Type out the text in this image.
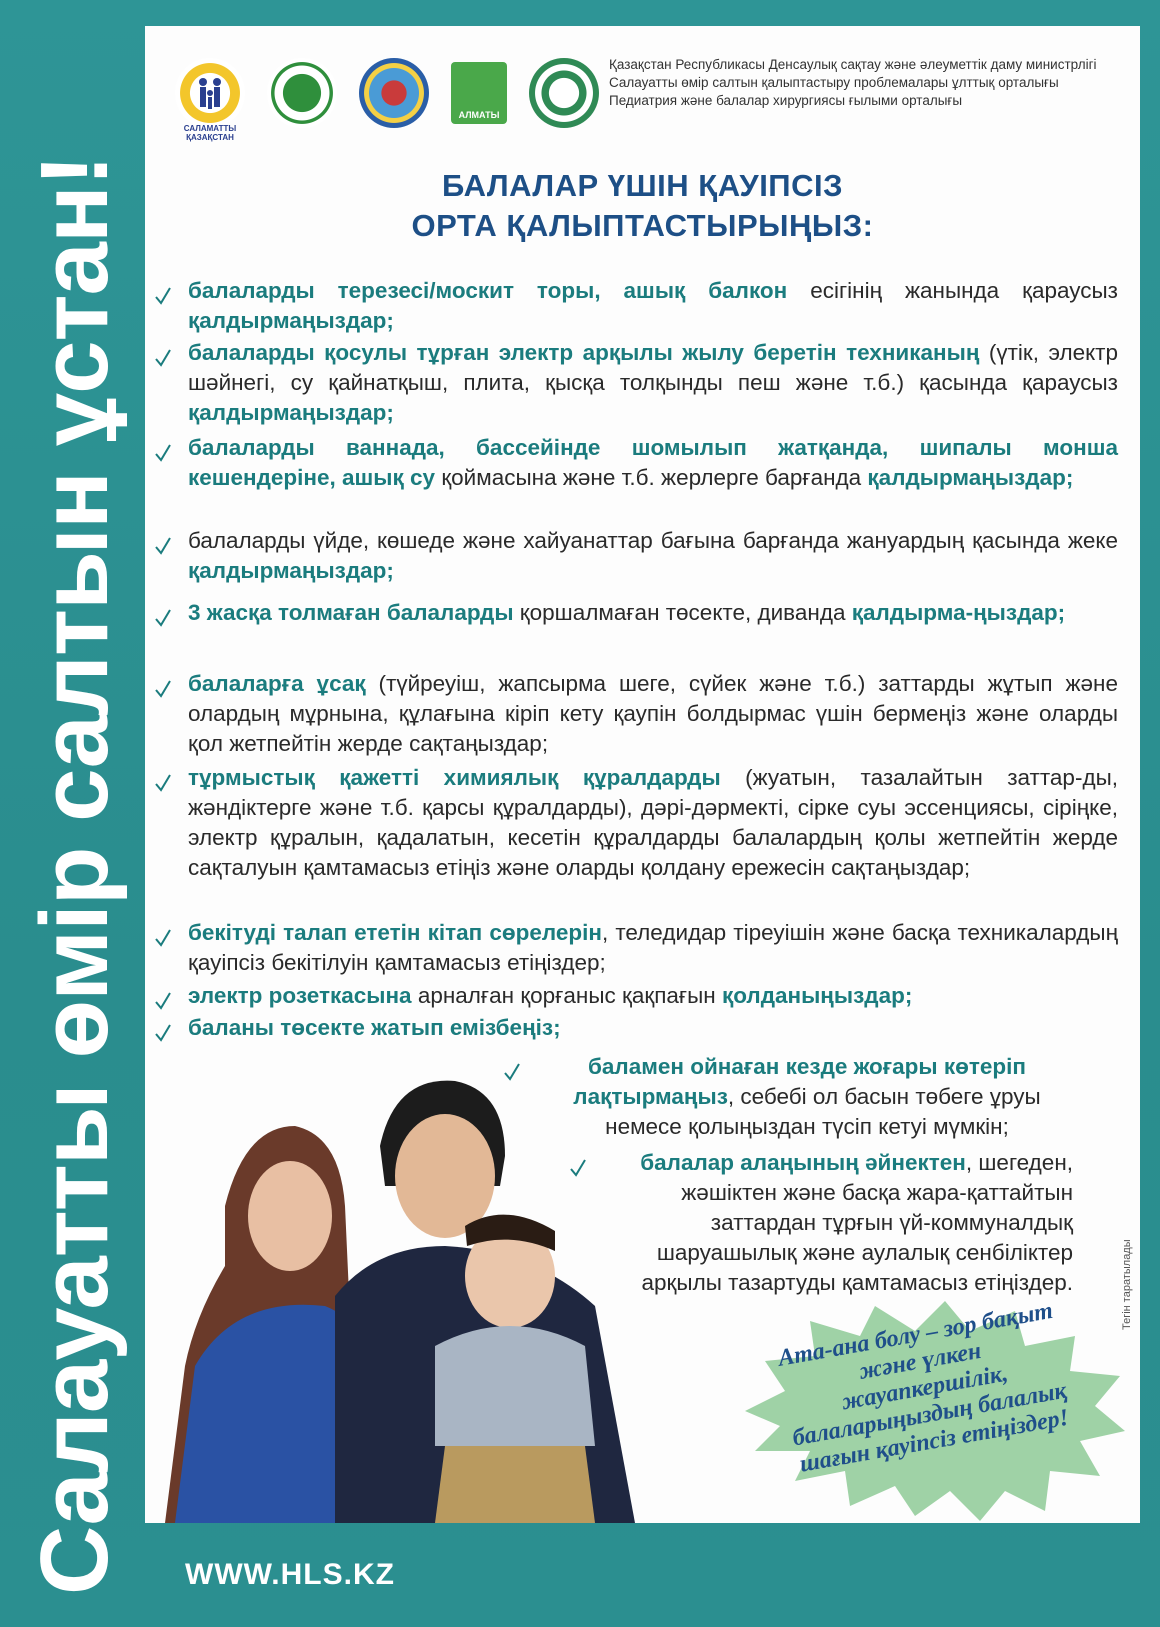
Салауатты өмір салтын ұстан!
САЛАМАТТЫ ҚАЗАҚСТАН
АЛМАТЫ
Қазақстан Республикасы Денсаулық сақтау және әлеуметтік даму министрлігі
Салауатты өмір салтын қалыптастыру проблемалары ұлттық орталығы
Педиатрия және балалар хирургиясы ғылыми орталығы
БАЛАЛАР ҮШІН ҚАУІПСІЗ
ОРТА ҚАЛЫПТАСТЫРЫҢЫЗ:
балаларды терезесі/москит торы, ашық балкон есігінің жанында қараусыз қалдырмаңыздар;
балаларды қосулы тұрған электр арқылы жылу беретін техниканың (үтік, электр шәйнегі, су қайнатқыш, плита, қысқа толқынды пеш және т.б.) қасында қараусыз қалдырмаңыздар;
балаларды ваннада, бассейінде шомылып жатқанда, шипалы монша кешендеріне, ашық су қоймасына және т.б. жерлерге барғанда қалдырмаңыздар;
балаларды үйде, көшеде және хайуанаттар бағына барғанда жануардың қасында жеке қалдырмаңыздар;
3 жасқа толмаған балаларды қоршалмаған төсекте, диванда қалдырма-ңыздар;
балаларға ұсақ (түйреуіш, жапсырма шеге, сүйек және т.б.) заттарды жұтып және олардың мұрнына, құлағына кіріп кету қаупін болдырмас үшін бермеңіз және оларды қол жетпейтін жерде сақтаңыздар;
тұрмыстық қажетті химиялық құралдарды (жуатын, тазалайтын заттар-ды, жәндіктерге және т.б. қарсы құралдарды), дәрі-дәрмекті, сірке суы эссенциясы, сіріңке, электр құралын, қадалатын, кесетін құралдарды балалардың қолы жетпейтін жерде сақталуын қамтамасыз етіңіз және оларды қолдану ережесін сақтаңыздар;
бекітуді талап ететін кітап сөрелерін, теледидар тіреуішін және басқа техникалардың қауіпсіз бекітілуін қамтамасыз етіңіздер;
электр розеткасына арналған қорғаныс қақпағын қолданыңыздар;
баланы төсекте жатып емізбеңіз;
баламен ойнаған кезде жоғары көтеріп лақтырмаңыз, себебі ол басын төбеге ұруы немесе қолыңыздан түсіп кетуі мүмкін;
балалар алаңының әйнектен, шегеден, жәшіктен және басқа жара-қаттайтын заттардан тұрғын үй-коммуналдық шаруашылық және аулалық сенбіліктер арқылы тазартуды қамтамасыз етіңіздер.
Ата-ана болу – зор бақыт және үлкен жауапкершілік, балаларыңыздың балалық шағын қауіпсіз етіңіздер!
Тегін таратылады
WWW.HLS.KZ
